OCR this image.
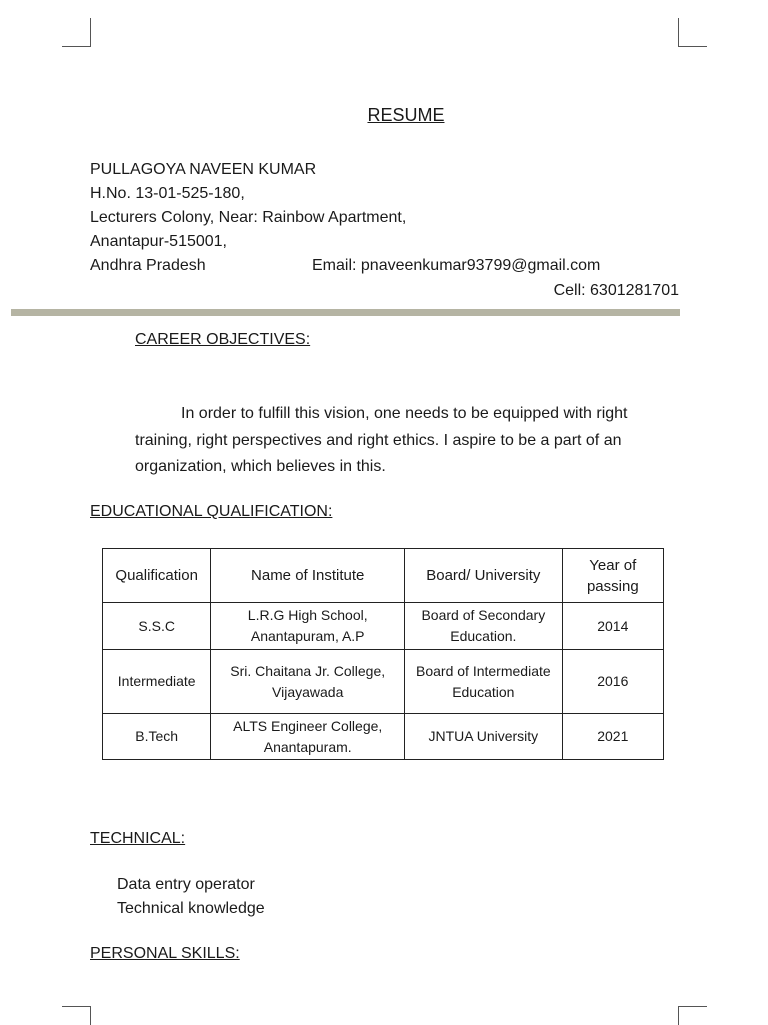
RESUME
PULLAGOYA NAVEEN KUMAR
H.No. 13-01-525-180,
Lecturers Colony, Near: Rainbow Apartment,
Anantapur-515001,
Andhra Pradesh	Email: pnaveenkumar93799@gmail.com
Cell: 6301281701
CAREER OBJECTIVES:
In order to fulfill this vision, one needs to be equipped with right training, right perspectives and right ethics. I aspire to be a part of an organization, which believes in this.
EDUCATIONAL QUALIFICATION:
Qualification	Name of Institute	Board/ University	Year of passing
S.S.C	L.R.G High School, Anantapuram, A.P	Board of Secondary Education.	2014
Intermediate	Sri. Chaitana Jr. College, Vijayawada	Board of Intermediate Education	2016
B.Tech	ALTS Engineer College, Anantapuram.	JNTUA University	2021
TECHNICAL:
Data entry operator
Technical knowledge
PERSONAL SKILLS:
